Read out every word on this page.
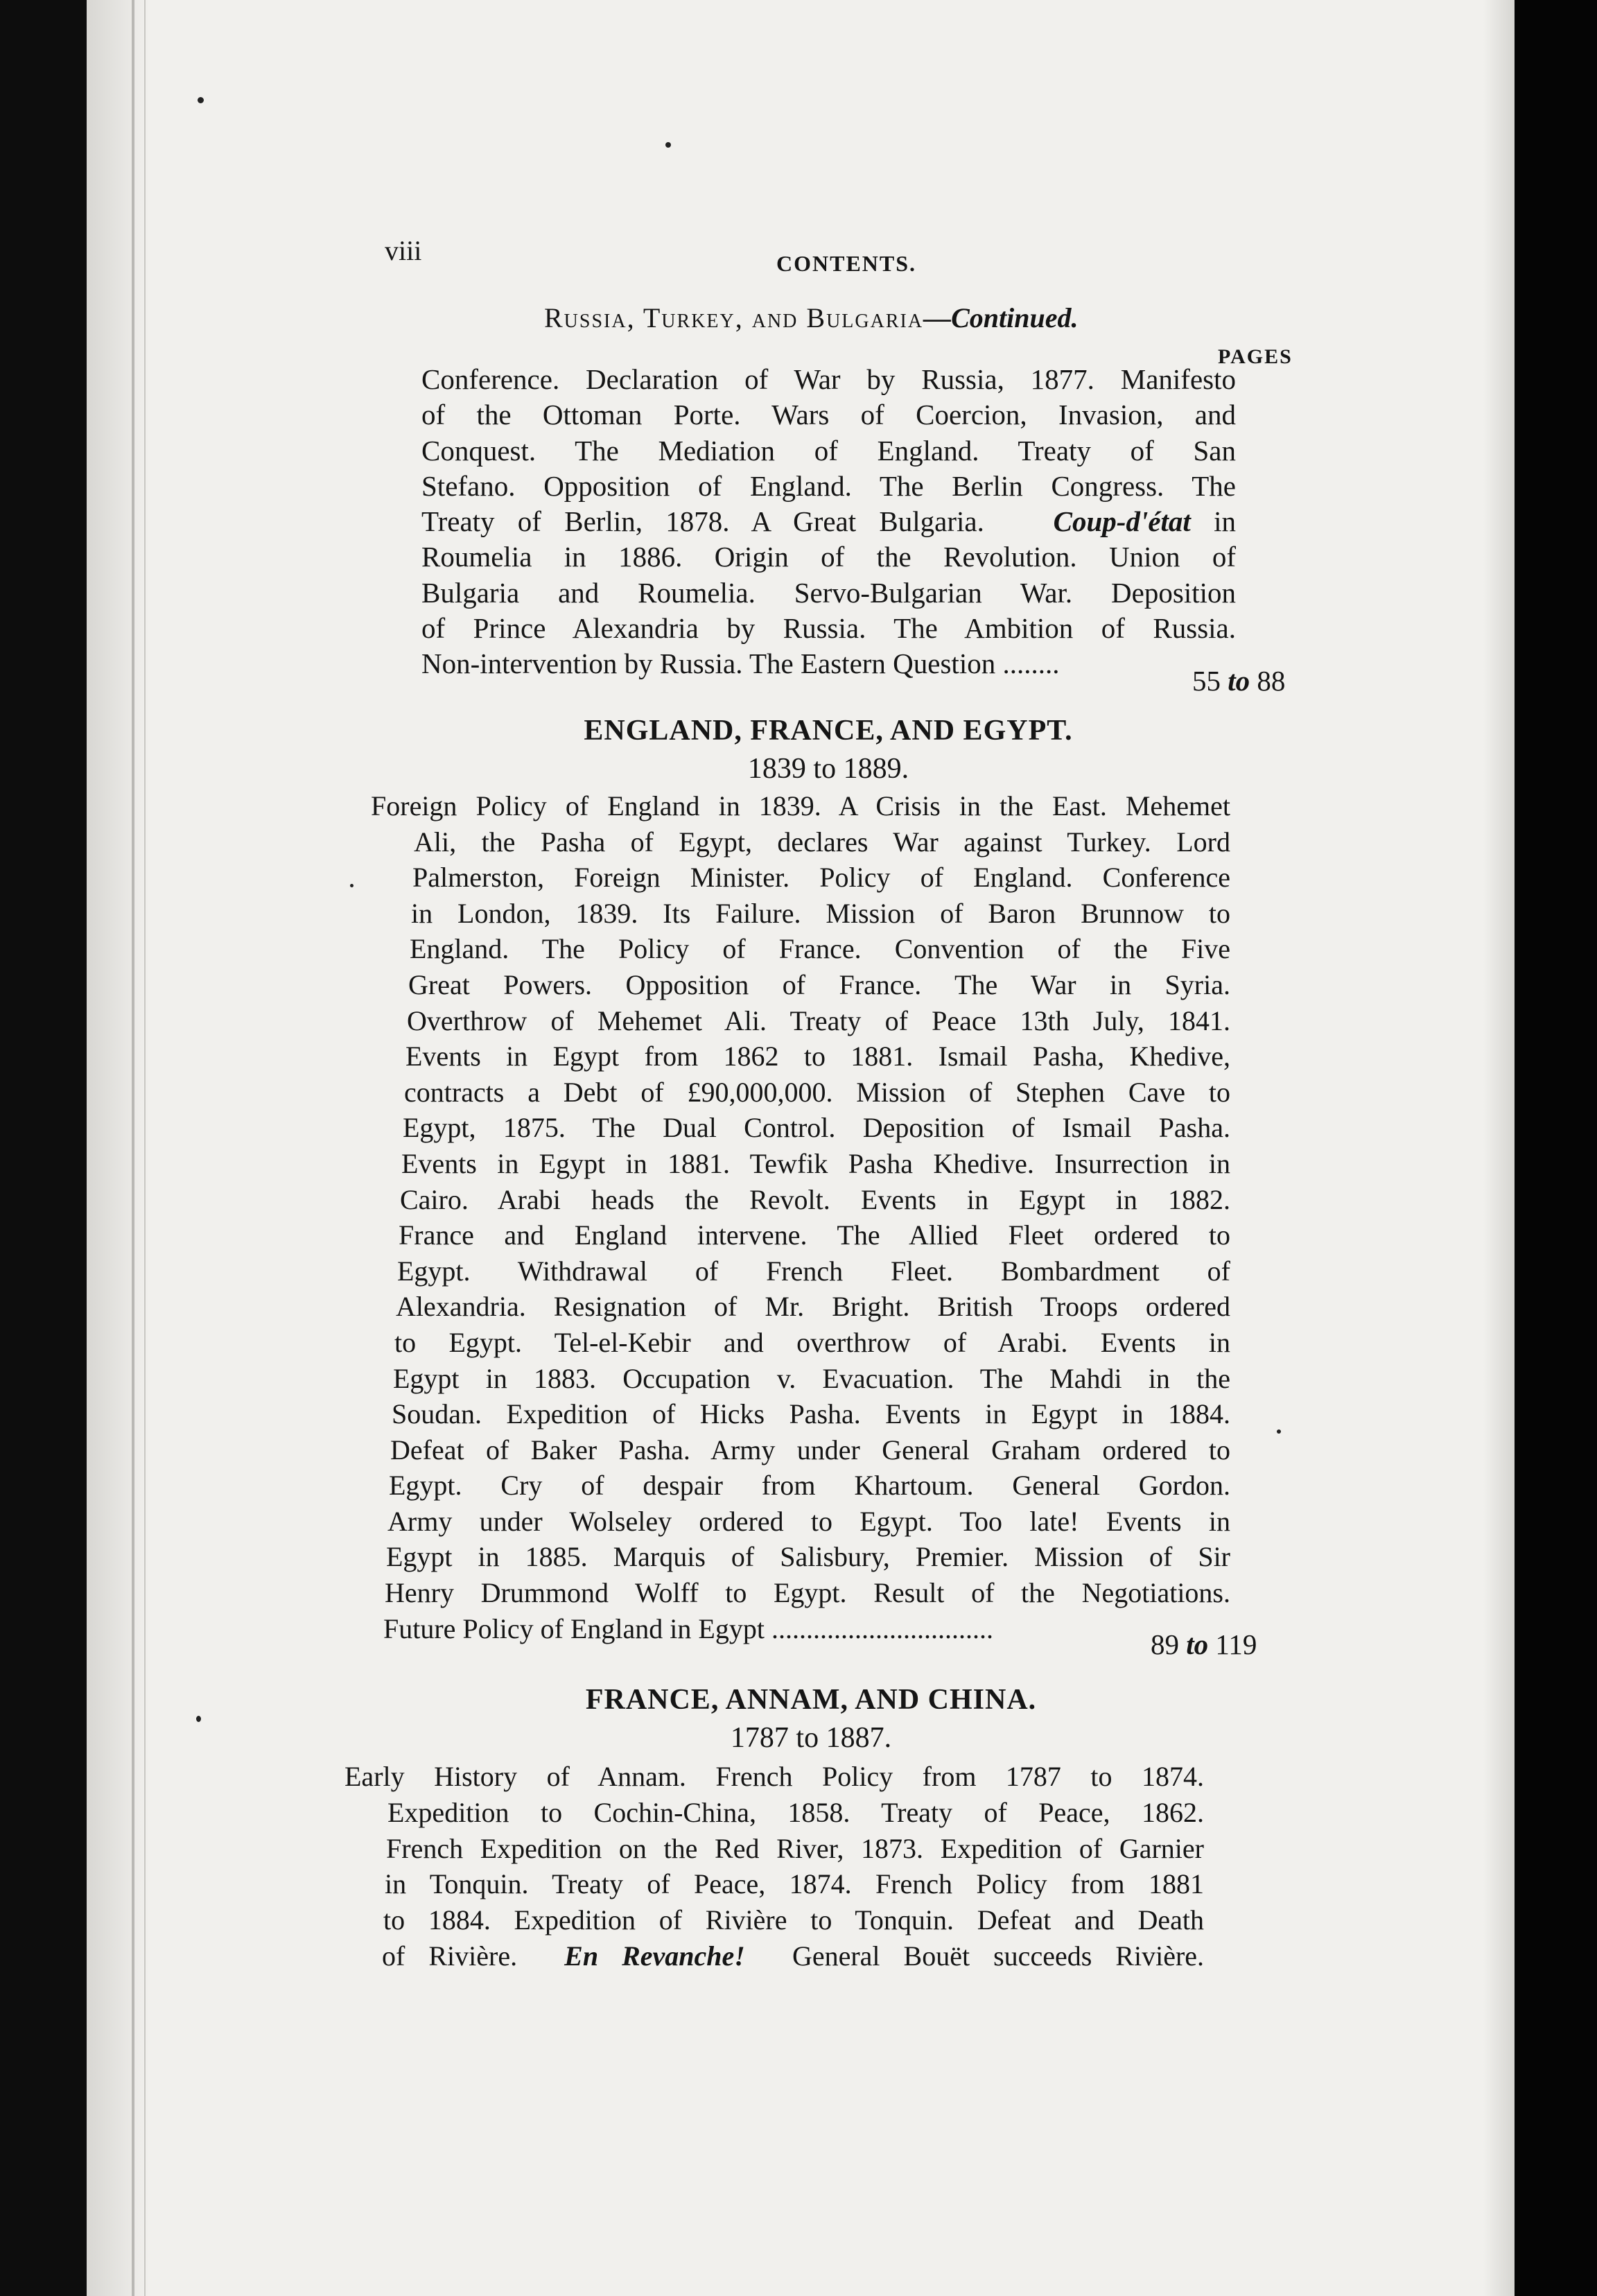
viii	CONTENTS.
Russia, Turkey, and Bulgaria—Continued.
PAGES
Conference. Declaration of War by Russia, 1877. Manifesto
of the Ottoman Porte. Wars of Coercion, Invasion, and
Conquest. The Mediation of England. Treaty of San
Stefano. Opposition of England. The Berlin Congress. The
Treaty of Berlin, 1878. A Great Bulgaria. Coup-d'état in
Roumelia in 1886. Origin of the Revolution. Union of
Bulgaria and Roumelia. Servo-Bulgarian War. Deposition
of Prince Alexandria by Russia. The Ambition of Russia.
Non-intervention by Russia. The Eastern Question ........
55 to 88
ENGLAND, FRANCE, AND EGYPT.
1839 to 1889.
Foreign Policy of England in 1839. A Crisis in the East. Mehemet
Ali, the Pasha of Egypt, declares War against Turkey. Lord
Palmerston, Foreign Minister. Policy of England. Conference
in London, 1839. Its Failure. Mission of Baron Brunnow to
England. The Policy of France. Convention of the Five
Great Powers. Opposition of France. The War in Syria.
Overthrow of Mehemet Ali. Treaty of Peace 13th July, 1841.
Events in Egypt from 1862 to 1881. Ismail Pasha, Khedive,
contracts a Debt of £90,000,000. Mission of Stephen Cave to
Egypt, 1875. The Dual Control. Deposition of Ismail Pasha.
Events in Egypt in 1881. Tewfik Pasha Khedive. Insurrection in
Cairo. Arabi heads the Revolt. Events in Egypt in 1882.
France and England intervene. The Allied Fleet ordered to
Egypt. Withdrawal of French Fleet. Bombardment of
Alexandria. Resignation of Mr. Bright. British Troops ordered
to Egypt. Tel-el-Kebir and overthrow of Arabi. Events in
Egypt in 1883. Occupation v. Evacuation. The Mahdi in the
Soudan. Expedition of Hicks Pasha. Events in Egypt in 1884.
Defeat of Baker Pasha. Army under General Graham ordered to
Egypt. Cry of despair from Khartoum. General Gordon.
Army under Wolseley ordered to Egypt. Too late! Events in
Egypt in 1885. Marquis of Salisbury, Premier. Mission of Sir
Henry Drummond Wolff to Egypt. Result of the Negotiations.
Future Policy of England in Egypt ................................	89 to 119
FRANCE, ANNAM, AND CHINA.
1787 to 1887.
Early History of Annam. French Policy from 1787 to 1874.
Expedition to Cochin-China, 1858. Treaty of Peace, 1862.
French Expedition on the Red River, 1873. Expedition of Garnier
in Tonquin. Treaty of Peace, 1874. French Policy from 1881
to 1884. Expedition of Rivière to Tonquin. Defeat and Death
of Rivière. En Revanche! General Bouët succeeds Rivière.
